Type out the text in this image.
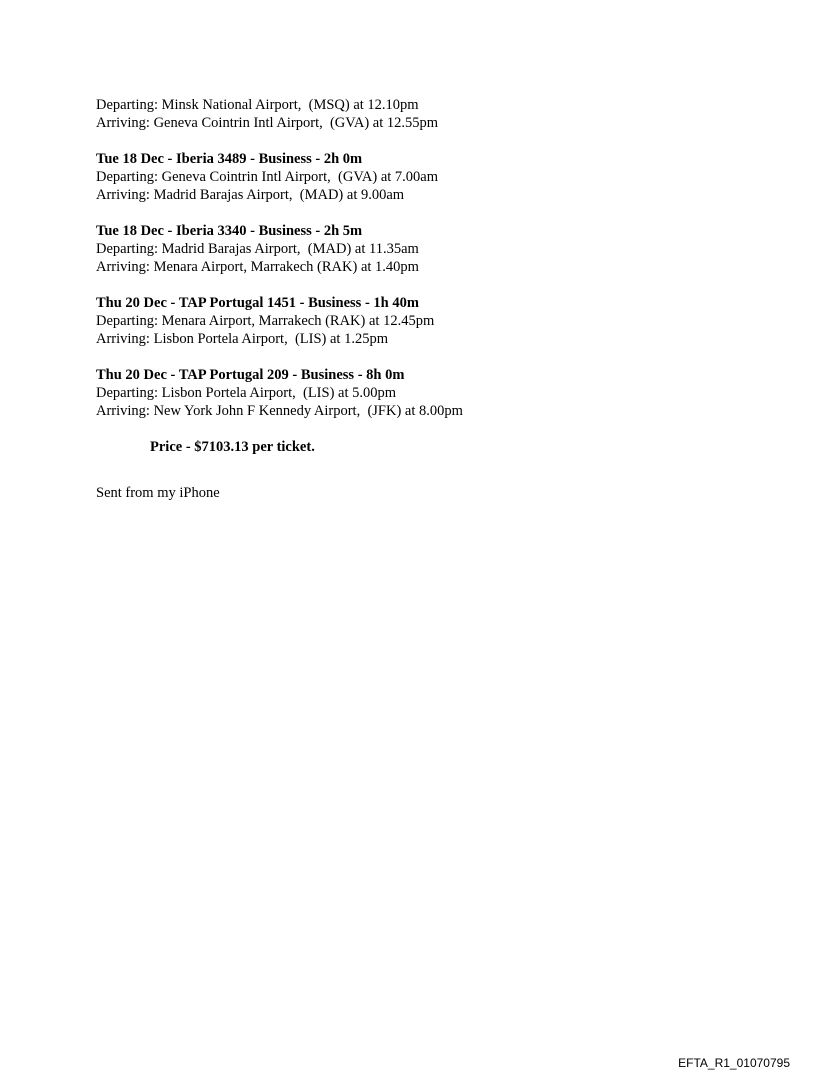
Departing: Minsk National Airport,  (MSQ) at 12.10pm

Arriving: Geneva Cointrin Intl Airport,  (GVA) at 12.55pm

Tue 18 Dec - Iberia 3489 - Business - 2h 0m

Departing: Geneva Cointrin Intl Airport,  (GVA) at 7.00am

Arriving: Madrid Barajas Airport,  (MAD) at 9.00am

Tue 18 Dec - Iberia 3340 - Business - 2h 5m

Departing: Madrid Barajas Airport,  (MAD) at 11.35am

Arriving: Menara Airport, Marrakech (RAK) at 1.40pm

Thu 20 Dec - TAP Portugal 1451 - Business - 1h 40m

Departing: Menara Airport, Marrakech (RAK) at 12.45pm

Arriving: Lisbon Portela Airport,  (LIS) at 1.25pm

Thu 20 Dec - TAP Portugal 209 - Business - 8h 0m

Departing: Lisbon Portela Airport,  (LIS) at 5.00pm

Arriving: New York John F Kennedy Airport,  (JFK) at 8.00pm

Price - $7103.13 per ticket.

Sent from my iPhone

EFTA_R1_01070795
